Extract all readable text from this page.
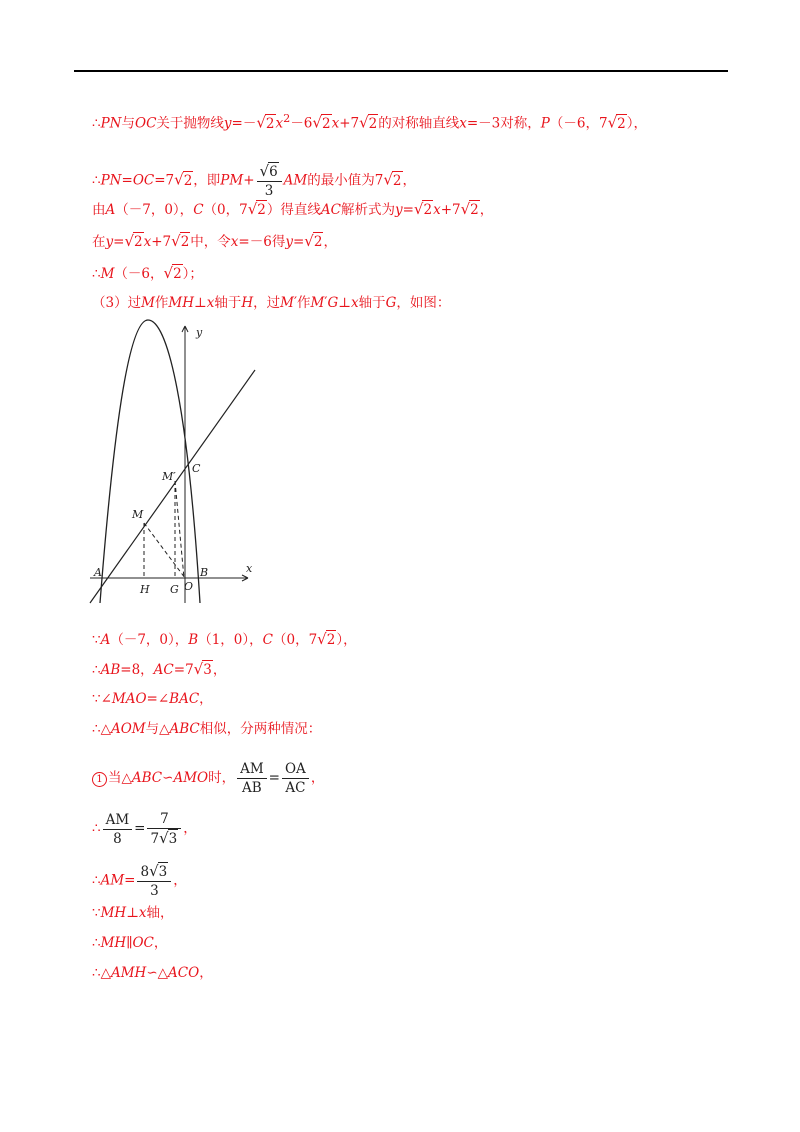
∴PN与OC关于抛物线$y=-√2x^2-6√2x+7√2$的对称轴直线x=－3对称，P（－6，7√2），
∴PN=OC=7√2，即$PM+ \frac{√6}{3}$ AM的最小值为7√2，
由A（－7，0），C（0，7√2）得直线AC解析式为y=√2x+7√2，
在y=√2x+7√2中，令x=－6得y=√2，
∴M（－6，√2）；
（3）过M作MH⊥x轴于H，过M′作M′G⊥x轴于G，如图：
y
x
C
M′
M
A	B
H G O
∵A（－7，0），B（1，0），C（0，7√2），
∴AB=8，AC=7√3，
∵∠MAO=∠BAC，
∴△AOM与△ABC相似，分两种情况：
1 当△ABC∽AMO时， $\frac{AM}{AB} = \frac{OA}{AC}$ ，
∴ $\frac{AM}{8} = \frac{7}{7√3}$ ，
∴AM= $\frac{8√3}{3}$ ，
∵MH⊥x轴，
∴MH∥OC，
∴△AMH∽△ACO，
